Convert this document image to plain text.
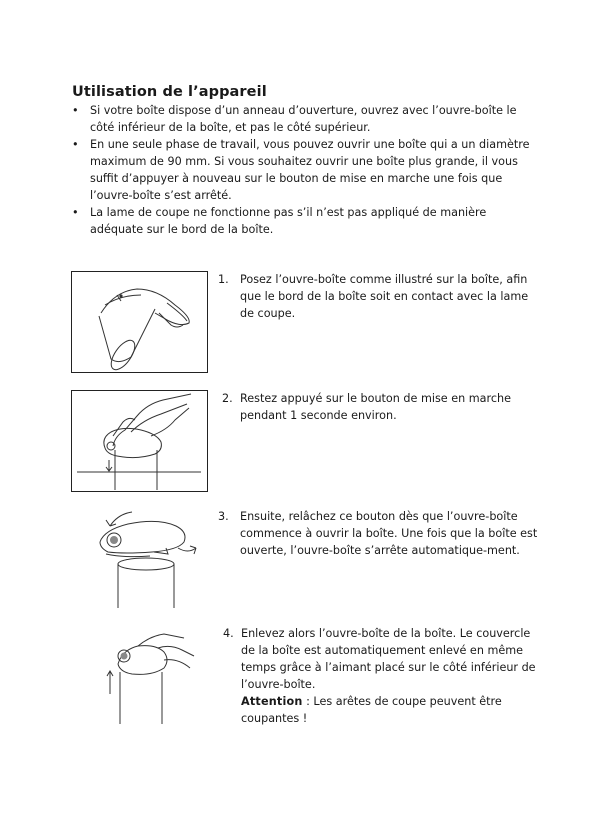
Utilisation de l’appareil
• Si votre boîte dispose d’un anneau d’ouverture, ouvrez avec l’ouvre-boîte le côté inférieur de la boîte, et pas le côté supérieur.
• En une seule phase de travail, vous pouvez ouvrir une boîte qui a un diamètre maximum de 90 mm. Si vous souhaitez ouvrir une boîte plus grande, il vous suffit d’appuyer à nouveau sur le bouton de mise en marche une fois que l’ouvre-boîte s’est arrêté.
• La lame de coupe ne fonctionne pas s’il n’est pas appliqué de manière adéquate sur le bord de la boîte.
1. Posez l’ouvre-boîte comme illustré sur la boîte, afin que le bord de la boîte soit en contact avec la lame de coupe.
2. Restez appuyé sur le bouton de mise en marche pendant 1 seconde environ.
3. Ensuite, relâchez ce bouton dès que l’ouvre-boîte commence à ouvrir la boîte. Une fois que la boîte est ouverte, l’ouvre-boîte s’arrête automatique-ment.
4. Enlevez alors l’ouvre-boîte de la boîte. Le couvercle de la boîte est automatiquement enlevé en même temps grâce à l’aimant placé sur le côté inférieur de l’ouvre-boîte.
Attention : Les arêtes de coupe peuvent être coupantes !
